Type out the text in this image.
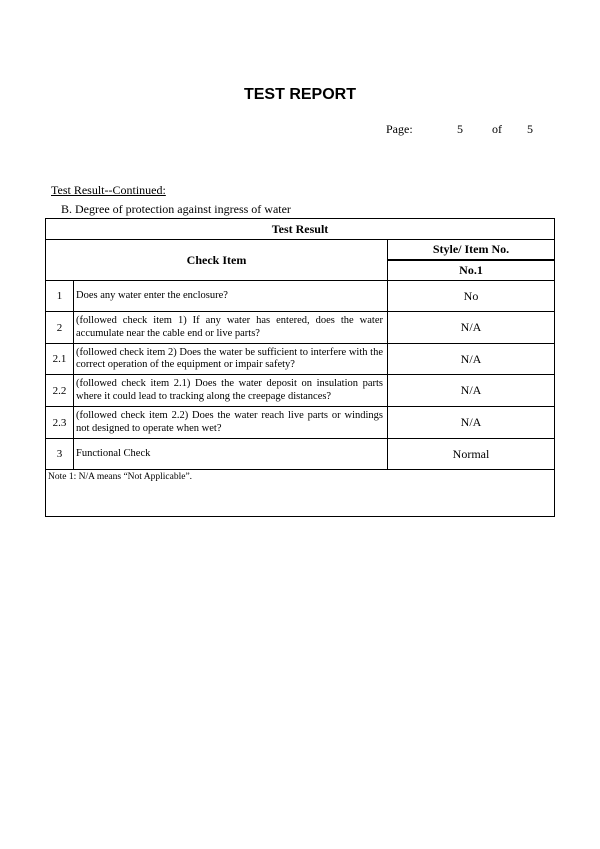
TEST REPORT
Page:	5 of 5
Test Result--Continued:
B. Degree of protection against ingress of water
Test Result		
Check Item		Style/ Item No.
		No.1
1	Does any water enter the enclosure?	No
2	(followed check item 1) If any water has entered, does the water accumulate near the cable end or live parts?	N/A
2.1	(followed check item 2) Does the water be sufficient to interfere with the correct operation of the equipment or impair safety?	N/A
2.2	(followed check item 2.1) Does the water deposit on insulation parts where it could lead to tracking along the creepage distances?	N/A
2.3	(followed check item 2.2) Does the water reach live parts or windings not designed to operate when wet?	N/A
3	Functional Check	Normal
Note 1: N/A means “Not Applicable”.		
